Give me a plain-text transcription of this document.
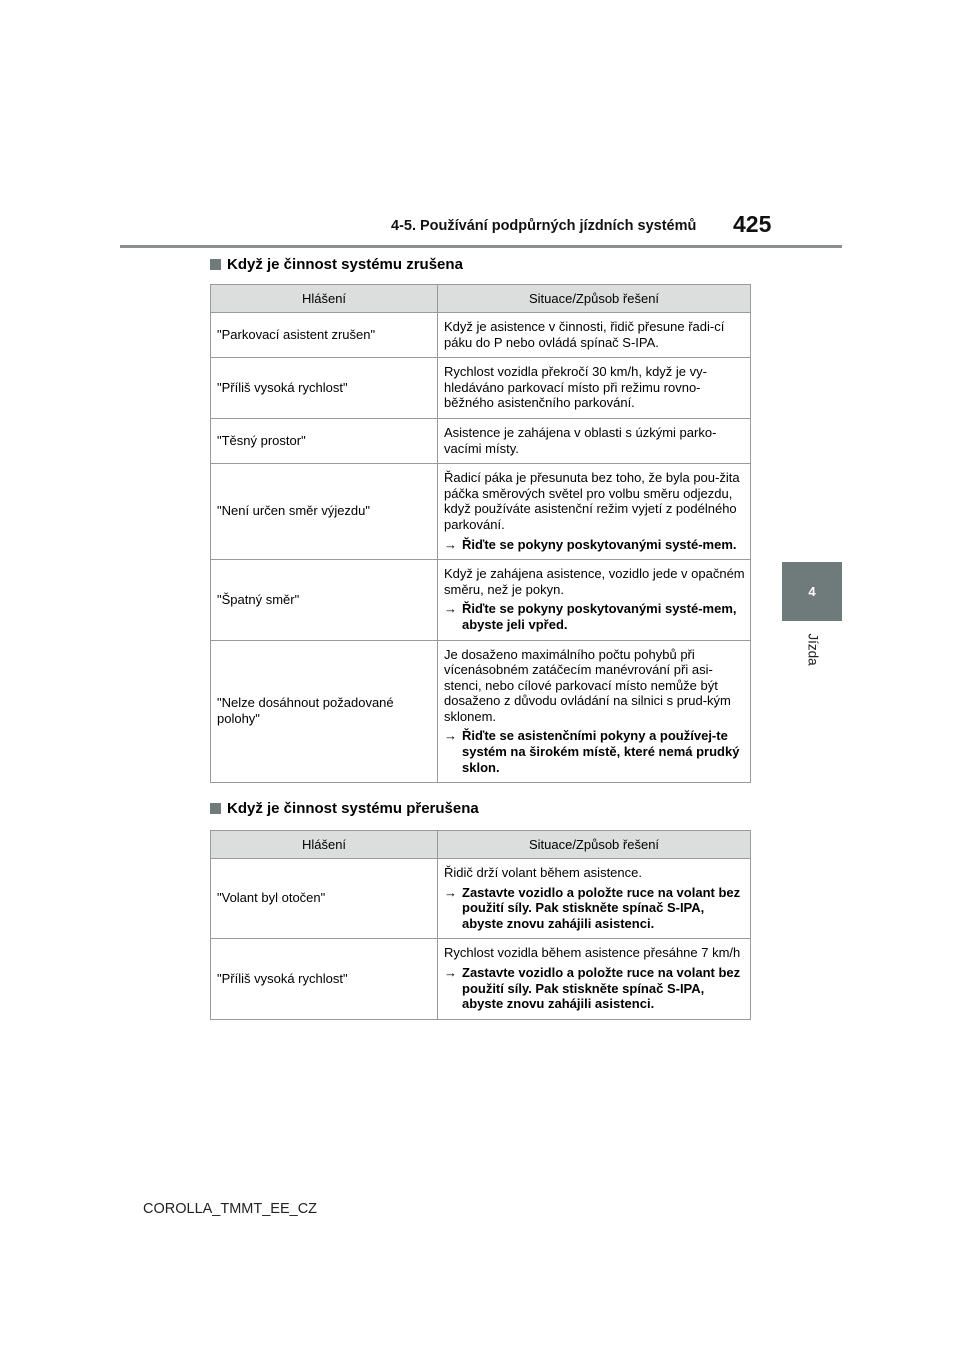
4-5. Používání podpůrných jízdních systémů 425
4
Jízda
Když je činnost systému zrušena
Hlášení	Situace/Způsob řešení
"Parkovací asistent zrušen"	Když je asistence v činnosti, řidič přesune řadi-cí páku do P nebo ovládá spínač S-IPA.

"Příliš vysoká rychlost"	Rychlost vozidla překročí 30 km/h, když je vy-hledáváno parkovací místo při režimu rovno-běžného asistenčního parkování.

"Těsný prostor"	Asistence je zahájena v oblasti s úzkými parko-vacími místy.

"Není určen směr výjezdu"	Řadicí páka je přesunuta bez toho, že byla pou-žita páčka směrových světel pro volbu směru odjezdu, když používáte asistenční režim vyjetí z podélného parkování.
→ Řiďte se pokyny poskytovanými systé-mem.

"Špatný směr"	Když je zahájena asistence, vozidlo jede v opačném směru, než je pokyn.
→ Řiďte se pokyny poskytovanými systé-mem, abyste jeli vpřed.

"Nelze dosáhnout požadované polohy"	Je dosaženo maximálního počtu pohybů při vícenásobném zatáčecím manévrování při asi-stenci, nebo cílové parkovací místo nemůže být dosaženo z důvodu ovládání na silnici s prud-kým sklonem.
→ Řiďte se asistenčními pokyny a používej-te systém na širokém místě, které nemá prudký sklon.
Když je činnost systému přerušena
Hlášení	Situace/Způsob řešení
"Volant byl otočen"	Řidič drží volant během asistence.
→ Zastavte vozidlo a položte ruce na volant bez použití síly. Pak stiskněte spínač S-IPA, abyste znovu zahájili asistenci.

"Příliš vysoká rychlost"	Rychlost vozidla během asistence přesáhne 7 km/h
→ Zastavte vozidlo a položte ruce na volant bez použití síly. Pak stiskněte spínač S-IPA, abyste znovu zahájili asistenci.
COROLLA_TMMT_EE_CZ
